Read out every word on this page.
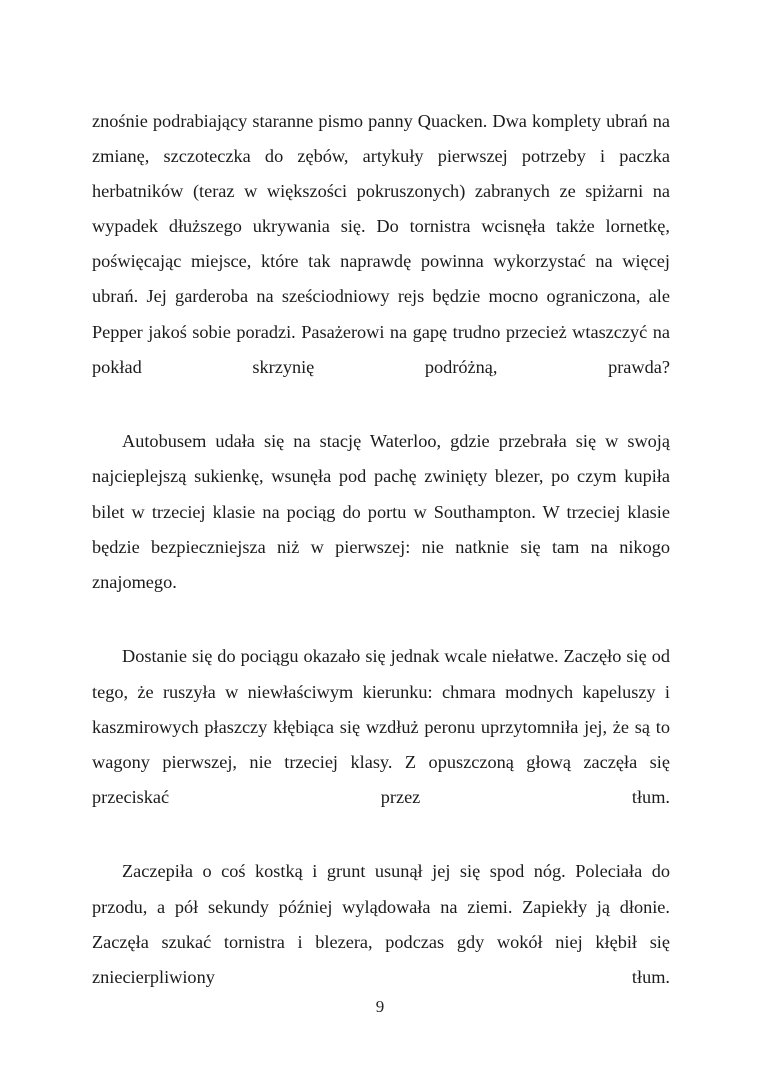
znośnie podrabiający staranne pismo panny Quacken. Dwa komplety ubrań na zmianę, szczoteczka do zębów, artykuły pierwszej potrzeby i paczka herbatników (teraz w większości pokruszonych) zabranych ze spiżarni na wypadek dłuższego ukrywania się. Do tornistra wcisnęła także lornetkę, poświęcając miejsce, które tak naprawdę powinna wykorzystać na więcej ubrań. Jej garderoba na sześciodniowy rejs będzie mocno ograniczona, ale Pepper jakoś sobie poradzi. Pasażerowi na gapę trudno przecież wtaszczyć na pokład skrzynię podróżną, prawda?

Autobusem udała się na stację Waterloo, gdzie przebrała się w swoją najcieplejszą sukienkę, wsunęła pod pachę zwinięty blezer, po czym kupiła bilet w trzeciej klasie na pociąg do portu w Southampton. W trzeciej klasie będzie bezpieczniejsza niż w pierwszej: nie natknie się tam na nikogo znajomego.

Dostanie się do pociągu okazało się jednak wcale niełatwe. Zaczęło się od tego, że ruszyła w niewłaściwym kierunku: chmara modnych kapeluszy i kaszmirowych płaszczy kłębiąca się wzdłuż peronu uprzytomniła jej, że są to wagony pierwszej, nie trzeciej klasy. Z opuszczoną głową zaczęła się przeciskać przez tłum.

Zaczepiła o coś kostką i grunt usunął jej się spod nóg. Poleciała do przodu, a pół sekundy później wylądowała na ziemi. Zapiekły ją dłonie. Zaczęła szukać tornistra i blezera, podczas gdy wokół niej kłębił się zniecierpliwiony tłum.

9
